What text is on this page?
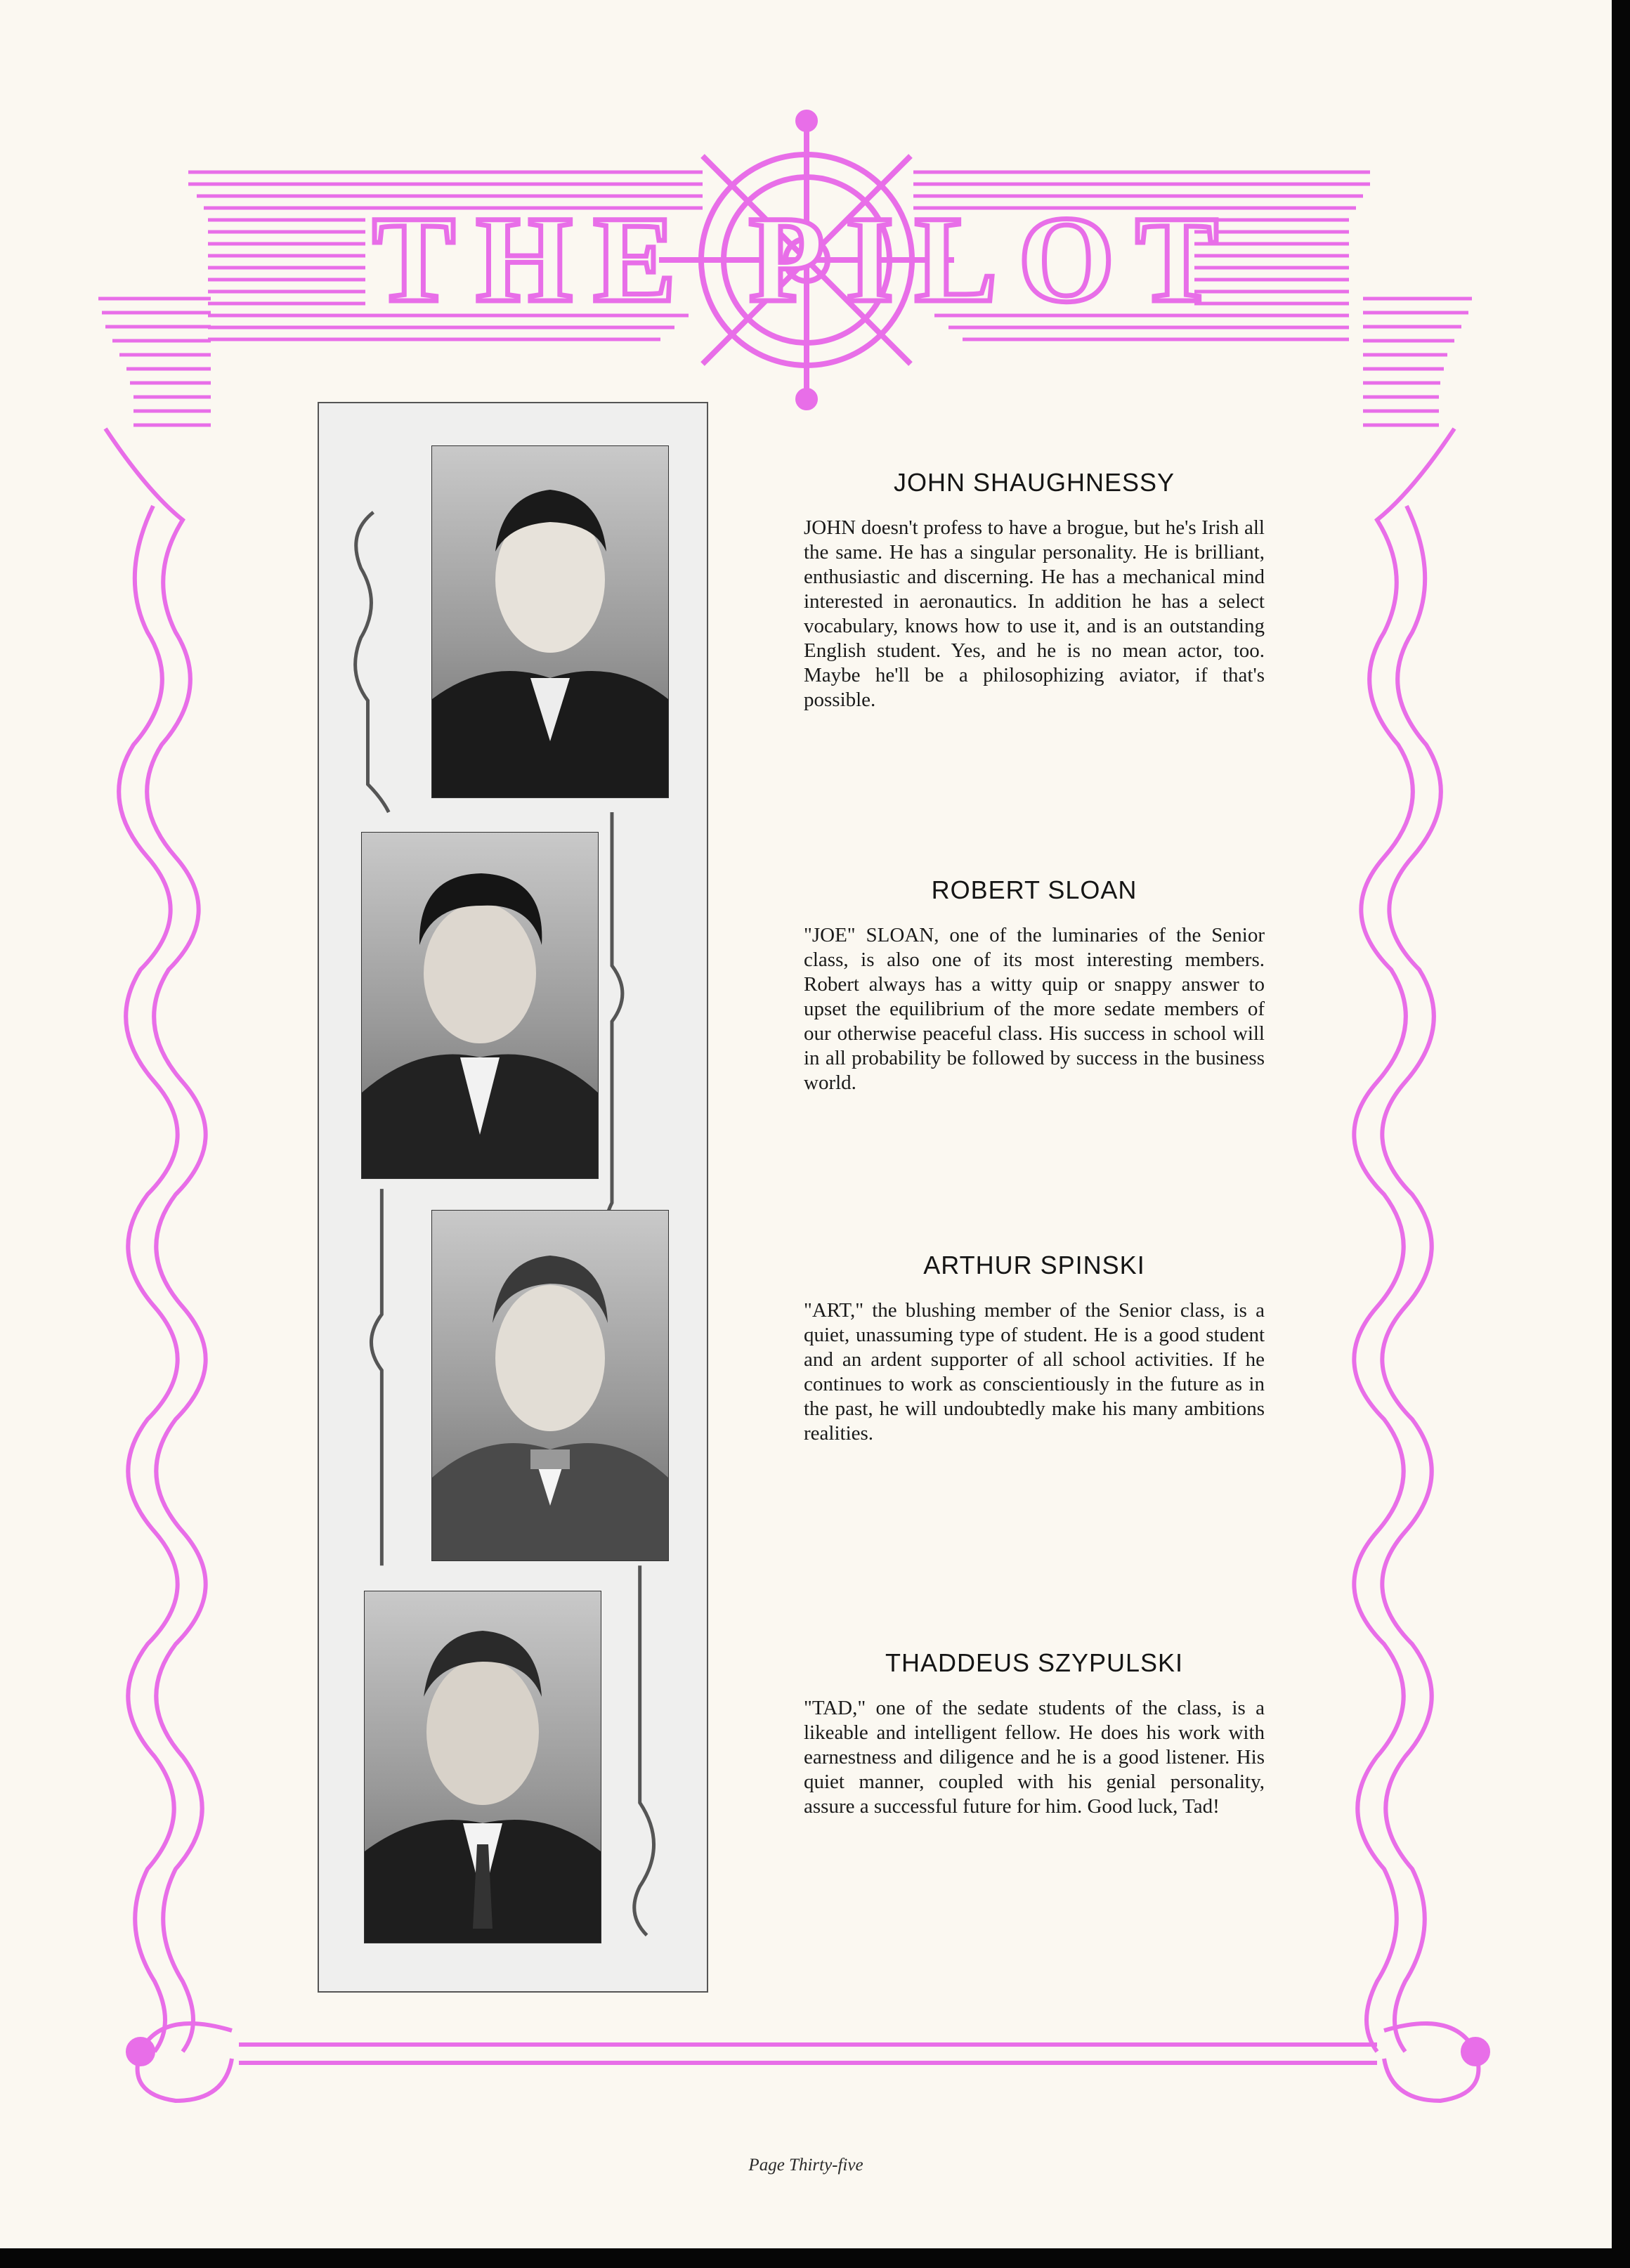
THE PILOT
JOHN SHAUGHNESSY

JOHN doesn't profess to have a brogue, but he's Irish all the same. He has a singular personality. He is brilliant, enthusiastic and discerning. He has a mechanical mind interested in aeronautics. In addition he has a select vocabulary, knows how to use it, and is an outstanding English student. Yes, and he is no mean actor, too. Maybe he'll be a philosophizing aviator, if that's possible.

ROBERT SLOAN

"JOE" SLOAN, one of the luminaries of the Senior class, is also one of its most interesting members. Robert always has a witty quip or snappy answer to upset the equilibrium of the more sedate members of our otherwise peaceful class. His success in school will in all probability be followed by success in the business world.

ARTHUR SPINSKI

"ART," the blushing member of the Senior class, is a quiet, unassuming type of student. He is a good student and an ardent supporter of all school activities. If he continues to work as conscientiously in the future as in the past, he will undoubtedly make his many ambitions realities.

THADDEUS SZYPULSKI

"TAD," one of the sedate students of the class, is a likeable and intelligent fellow. He does his work with earnestness and diligence and he is a good listener. His quiet manner, coupled with his genial personality, assure a successful future for him. Good luck, Tad!

Page Thirty-five
